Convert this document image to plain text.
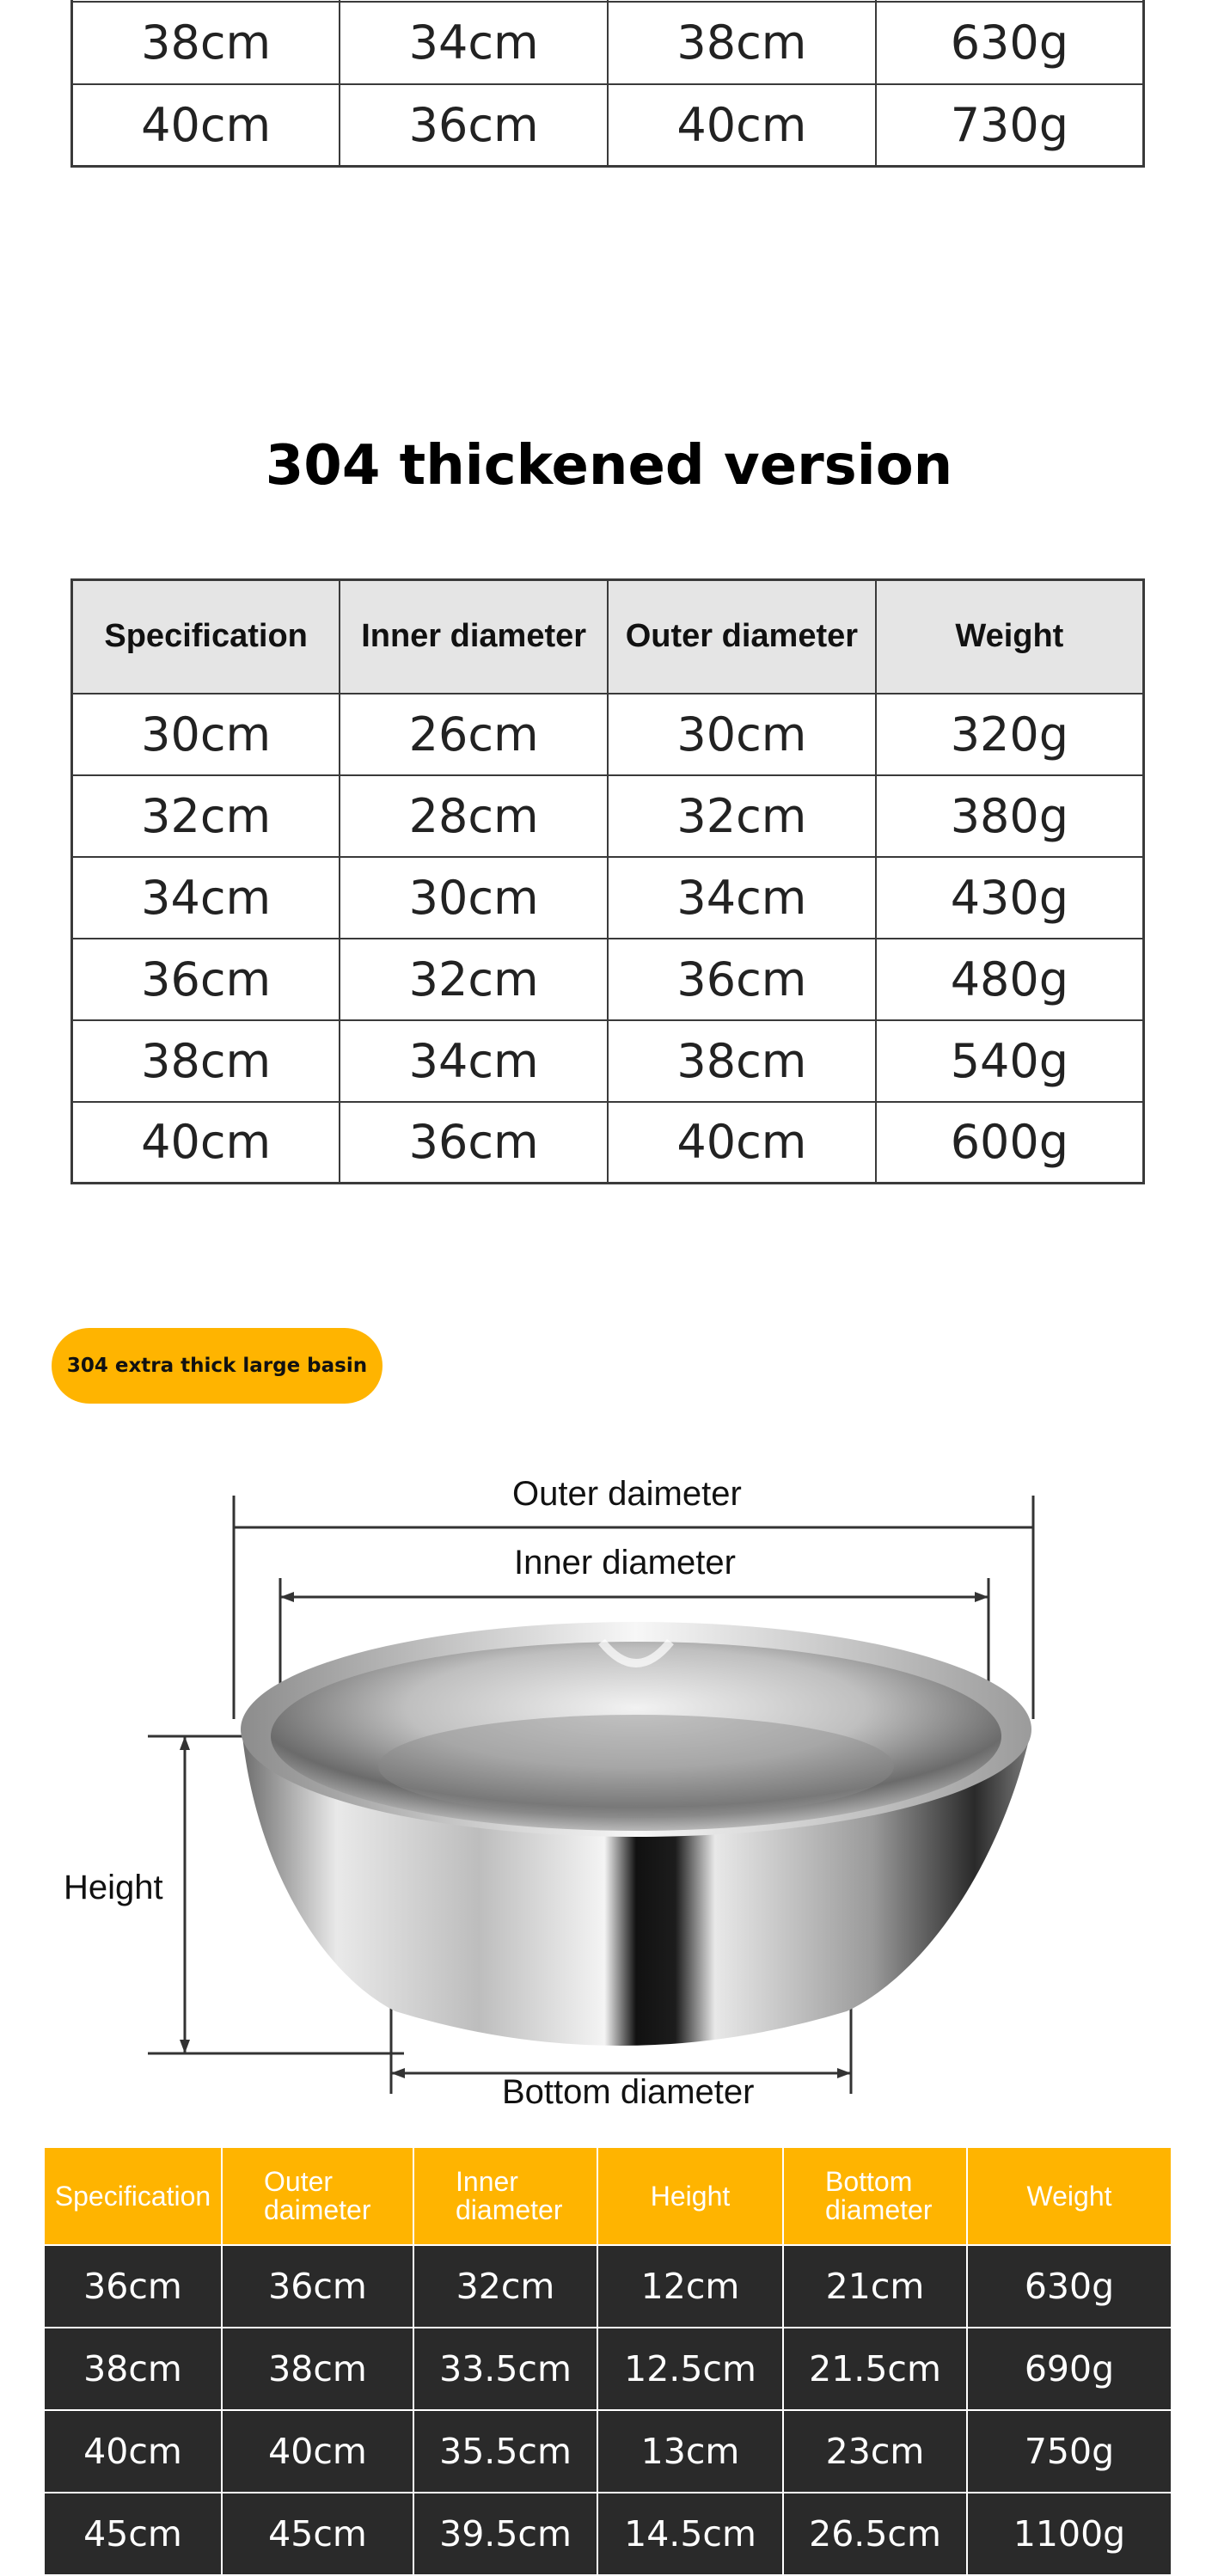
38cm	34cm	38cm	630g
40cm	36cm	40cm	730g
304 thickened version
Specification	Inner diameter	Outer diameter	Weight
30cm	26cm	30cm	320g
32cm	28cm	32cm	380g
34cm	30cm	34cm	430g
36cm	32cm	36cm	480g
38cm	34cm	38cm	540g
40cm	36cm	40cm	600g
304 extra thick large basin
Outer daimeter
Inner diameter
Height
Bottom diameter
Specification	Outer daimeter	Inner diameter	Height	Bottom diameter	Weight
36cm	36cm	32cm	12cm	21cm	630g
38cm	38cm	33.5cm	12.5cm	21.5cm	690g
40cm	40cm	35.5cm	13cm	23cm	750g
45cm	45cm	39.5cm	14.5cm	26.5cm	1100g
